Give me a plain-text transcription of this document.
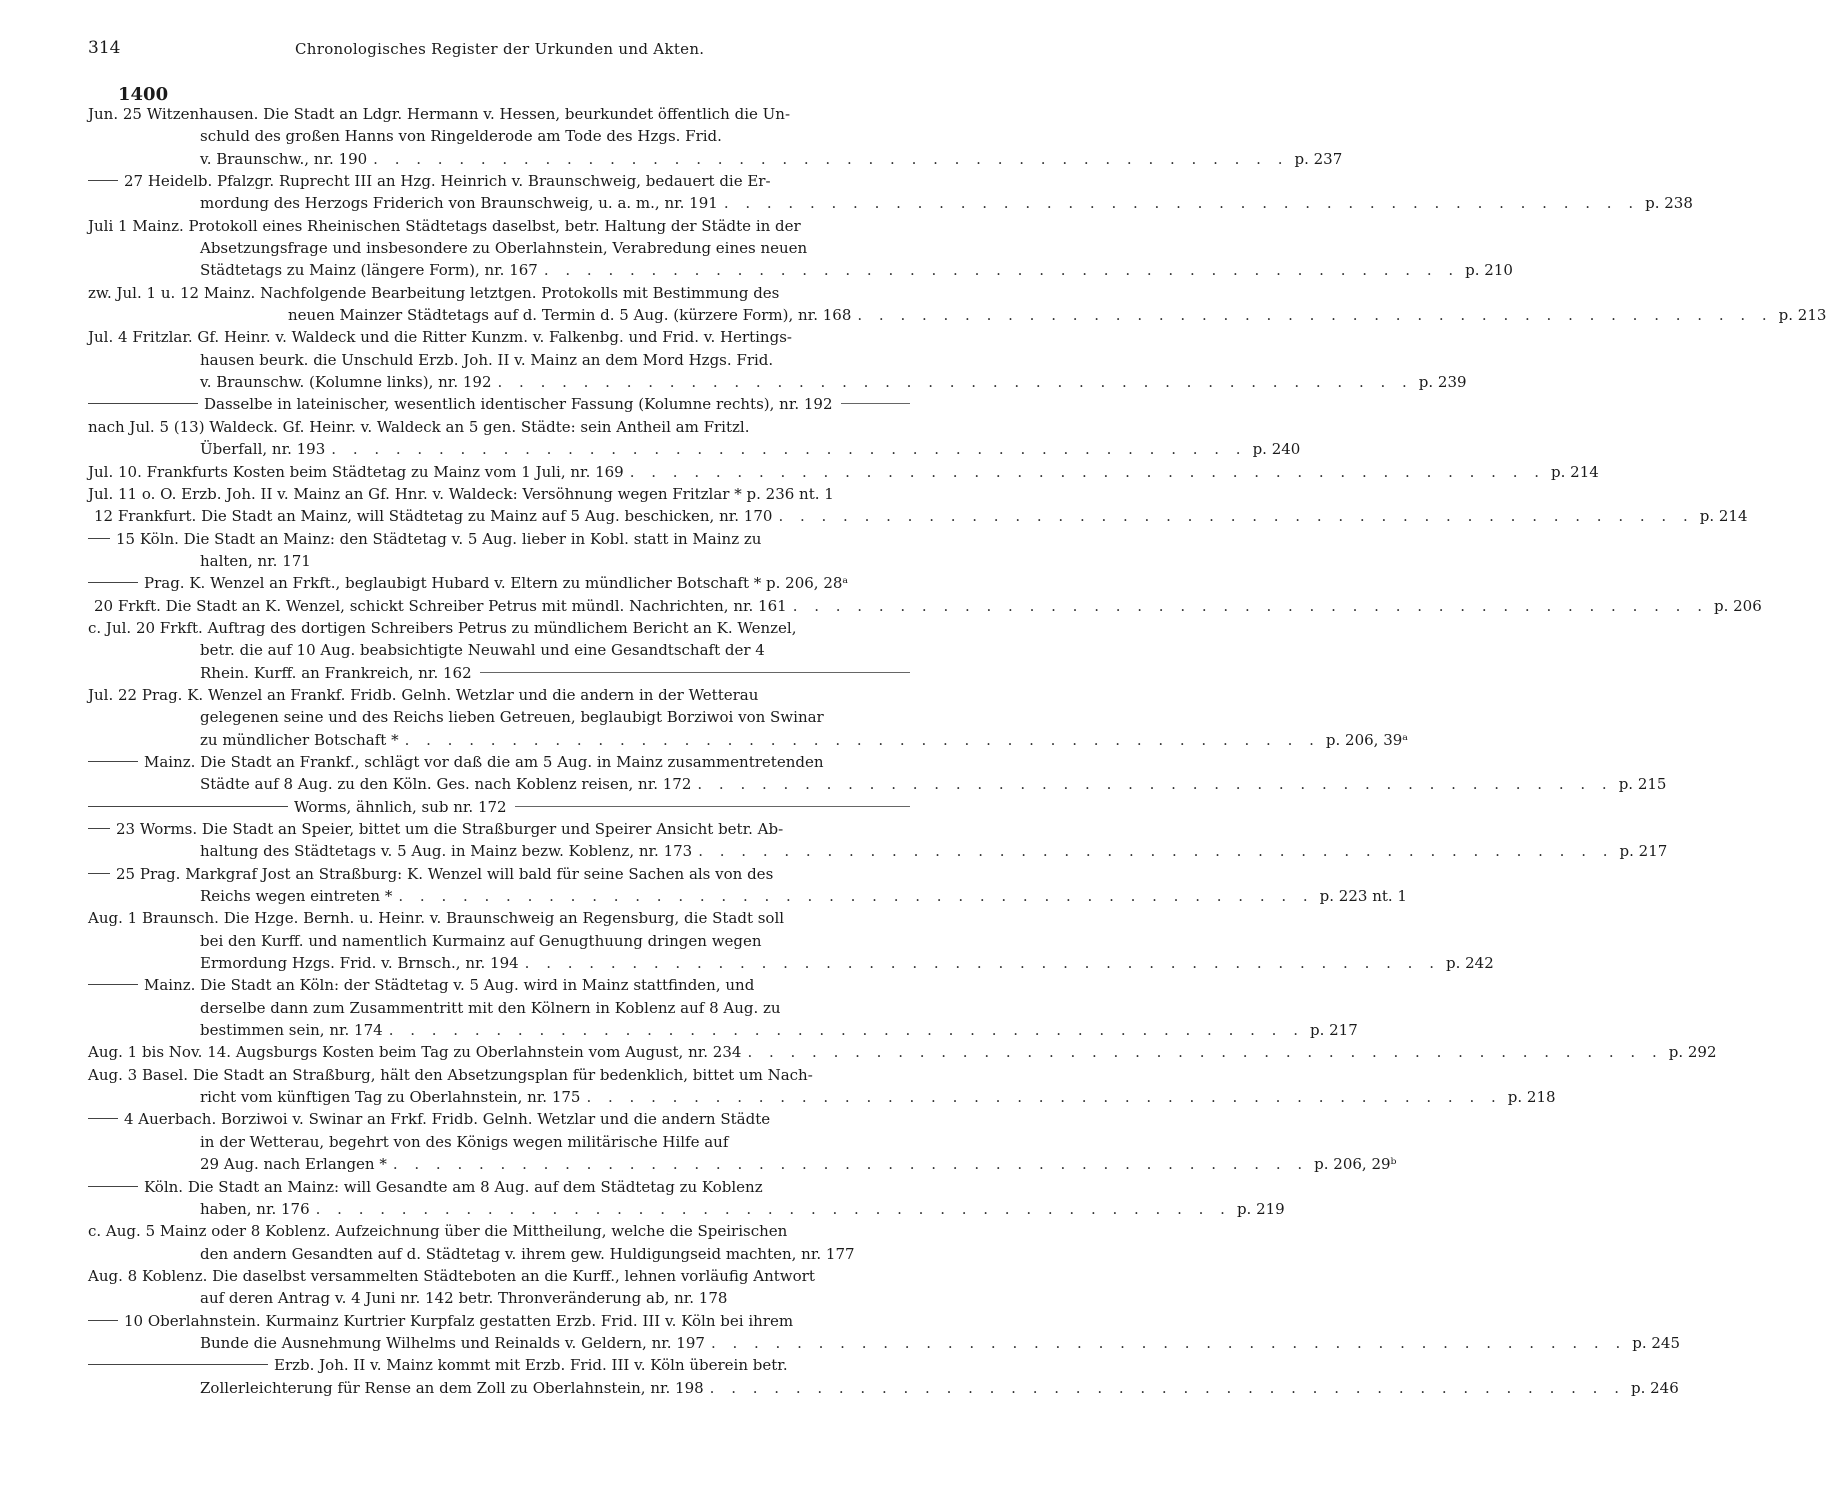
314	Chronologisches Register der Urkunden und Akten.
1400
Jun. 25 Witzenhausen. Die Stadt an Ldgr. Hermann v. Hessen, beurkundet öffentlich die Un-
schuld des großen Hanns von Ringelderode am Tode des Hzgs. Frid.
v. Braunschw., nr. 190 . . . . . . . . . . . . . . . . . . . . . . . . . . . . . . . . . . . . . . . . . . . p. 237
27 Heidelb. Pfalzgr. Ruprecht III an Hzg. Heinrich v. Braunschweig, bedauert die Er-
mordung des Herzogs Friderich von Braunschweig, u. a. m., nr. 191 . . . . . . . . . . . . . . . . . . . . . . . . . . . . . . . . . . . . . . . . . . . p. 238
Juli 1 Mainz. Protokoll eines Rheinischen Städtetags daselbst, betr. Haltung der Städte in der
Absetzungsfrage und insbesondere zu Oberlahnstein, Verabredung eines neuen
Städtetags zu Mainz (längere Form), nr. 167 . . . . . . . . . . . . . . . . . . . . . . . . . . . . . . . . . . . . . . . . . . . p. 210
zw. Jul. 1 u. 12 Mainz. Nachfolgende Bearbeitung letztgen. Protokolls mit Bestimmung des
neuen Mainzer Städtetags auf d. Termin d. 5 Aug. (kürzere Form), nr. 168 . . . . . . . . . . . . . . . . . . . . . . . . . . . . . . . . . . . . . . . . . . . p. 213
Jul. 4 Fritzlar. Gf. Heinr. v. Waldeck und die Ritter Kunzm. v. Falkenbg. und Frid. v. Hertings-
hausen beurk. die Unschuld Erzb. Joh. II v. Mainz an dem Mord Hzgs. Frid.
v. Braunschw. (Kolumne links), nr. 192 . . . . . . . . . . . . . . . . . . . . . . . . . . . . . . . . . . . . . . . . . . . p. 239
Dasselbe in lateinischer, wesentlich identischer Fassung (Kolumne rechts), nr. 192
nach Jul. 5 (13) Waldeck. Gf. Heinr. v. Waldeck an 5 gen. Städte: sein Antheil am Fritzl.
Überfall, nr. 193 . . . . . . . . . . . . . . . . . . . . . . . . . . . . . . . . . . . . . . . . . . . p. 240
Jul. 10. Frankfurts Kosten beim Städtetag zu Mainz vom 1 Juli, nr. 169 . . . . . . . . . . . . . . . . . . . . . . . . . . . . . . . . . . . . . . . . . . . p. 214
Jul. 11 o. O. Erzb. Joh. II v. Mainz an Gf. Hnr. v. Waldeck: Versöhnung wegen Fritzlar * p. 236 nt. 1
12 Frankfurt. Die Stadt an Mainz, will Städtetag zu Mainz auf 5 Aug. beschicken, nr. 170 . . . . . . . . . . . . . . . . . . . . . . . . . . . . . . . . . . . . . . . . . . . p. 214
15 Köln. Die Stadt an Mainz: den Städtetag v. 5 Aug. lieber in Kobl. statt in Mainz zu
halten, nr. 171
Prag. K. Wenzel an Frkft., beglaubigt Hubard v. Eltern zu mündlicher Botschaft * p. 206, 28ᵃ
20 Frkft. Die Stadt an K. Wenzel, schickt Schreiber Petrus mit mündl. Nachrichten, nr. 161 . . . . . . . . . . . . . . . . . . . . . . . . . . . . . . . . . . . . . . . . . . . p. 206
c. Jul. 20 Frkft. Auftrag des dortigen Schreibers Petrus zu mündlichem Bericht an K. Wenzel,
betr. die auf 10 Aug. beabsichtigte Neuwahl und eine Gesandtschaft der 4
Rhein. Kurff. an Frankreich, nr. 162
Jul. 22 Prag. K. Wenzel an Frankf. Fridb. Gelnh. Wetzlar und die andern in der Wetterau
gelegenen seine und des Reichs lieben Getreuen, beglaubigt Borziwoi von Swinar
zu mündlicher Botschaft * . . . . . . . . . . . . . . . . . . . . . . . . . . . . . . . . . . . . . . . . . . . p. 206, 39ᵃ
Mainz. Die Stadt an Frankf., schlägt vor daß die am 5 Aug. in Mainz zusammentretenden
Städte auf 8 Aug. zu den Köln. Ges. nach Koblenz reisen, nr. 172 . . . . . . . . . . . . . . . . . . . . . . . . . . . . . . . . . . . . . . . . . . . p. 215
Worms, ähnlich, sub nr. 172
23 Worms. Die Stadt an Speier, bittet um die Straßburger und Speirer Ansicht betr. Ab-
haltung des Städtetags v. 5 Aug. in Mainz bezw. Koblenz, nr. 173 . . . . . . . . . . . . . . . . . . . . . . . . . . . . . . . . . . . . . . . . . . . p. 217
25 Prag. Markgraf Jost an Straßburg: K. Wenzel will bald für seine Sachen als von des
Reichs wegen eintreten * . . . . . . . . . . . . . . . . . . . . . . . . . . . . . . . . . . . . . . . . . . . p. 223 nt. 1
Aug. 1 Braunsch. Die Hzge. Bernh. u. Heinr. v. Braunschweig an Regensburg, die Stadt soll
bei den Kurff. und namentlich Kurmainz auf Genugthuung dringen wegen
Ermordung Hzgs. Frid. v. Brnsch., nr. 194 . . . . . . . . . . . . . . . . . . . . . . . . . . . . . . . . . . . . . . . . . . . p. 242
Mainz. Die Stadt an Köln: der Städtetag v. 5 Aug. wird in Mainz stattfinden, und
derselbe dann zum Zusammentritt mit den Kölnern in Koblenz auf 8 Aug. zu
bestimmen sein, nr. 174 . . . . . . . . . . . . . . . . . . . . . . . . . . . . . . . . . . . . . . . . . . . p. 217
Aug. 1 bis Nov. 14. Augsburgs Kosten beim Tag zu Oberlahnstein vom August, nr. 234 . . . . . . . . . . . . . . . . . . . . . . . . . . . . . . . . . . . . . . . . . . . p. 292
Aug. 3 Basel. Die Stadt an Straßburg, hält den Absetzungsplan für bedenklich, bittet um Nach-
richt vom künftigen Tag zu Oberlahnstein, nr. 175 . . . . . . . . . . . . . . . . . . . . . . . . . . . . . . . . . . . . . . . . . . . p. 218
4 Auerbach. Borziwoi v. Swinar an Frkf. Fridb. Gelnh. Wetzlar und die andern Städte
in der Wetterau, begehrt von des Königs wegen militärische Hilfe auf
29 Aug. nach Erlangen * . . . . . . . . . . . . . . . . . . . . . . . . . . . . . . . . . . . . . . . . . . . p. 206, 29ᵇ
Köln. Die Stadt an Mainz: will Gesandte am 8 Aug. auf dem Städtetag zu Koblenz
haben, nr. 176 . . . . . . . . . . . . . . . . . . . . . . . . . . . . . . . . . . . . . . . . . . . p. 219
c. Aug. 5 Mainz oder 8 Koblenz. Aufzeichnung über die Mittheilung, welche die Speirischen
den andern Gesandten auf d. Städtetag v. ihrem gew. Huldigungseid machten, nr. 177
Aug. 8 Koblenz. Die daselbst versammelten Städteboten an die Kurff., lehnen vorläufig Antwort
auf deren Antrag v. 4 Juni nr. 142 betr. Thronveränderung ab, nr. 178
10 Oberlahnstein. Kurmainz Kurtrier Kurpfalz gestatten Erzb. Frid. III v. Köln bei ihrem
Bunde die Ausnehmung Wilhelms und Reinalds v. Geldern, nr. 197 . . . . . . . . . . . . . . . . . . . . . . . . . . . . . . . . . . . . . . . . . . . p. 245
Erzb. Joh. II v. Mainz kommt mit Erzb. Frid. III v. Köln überein betr.
Zollerleichterung für Rense an dem Zoll zu Oberlahnstein, nr. 198 . . . . . . . . . . . . . . . . . . . . . . . . . . . . . . . . . . . . . . . . . . . p. 246
